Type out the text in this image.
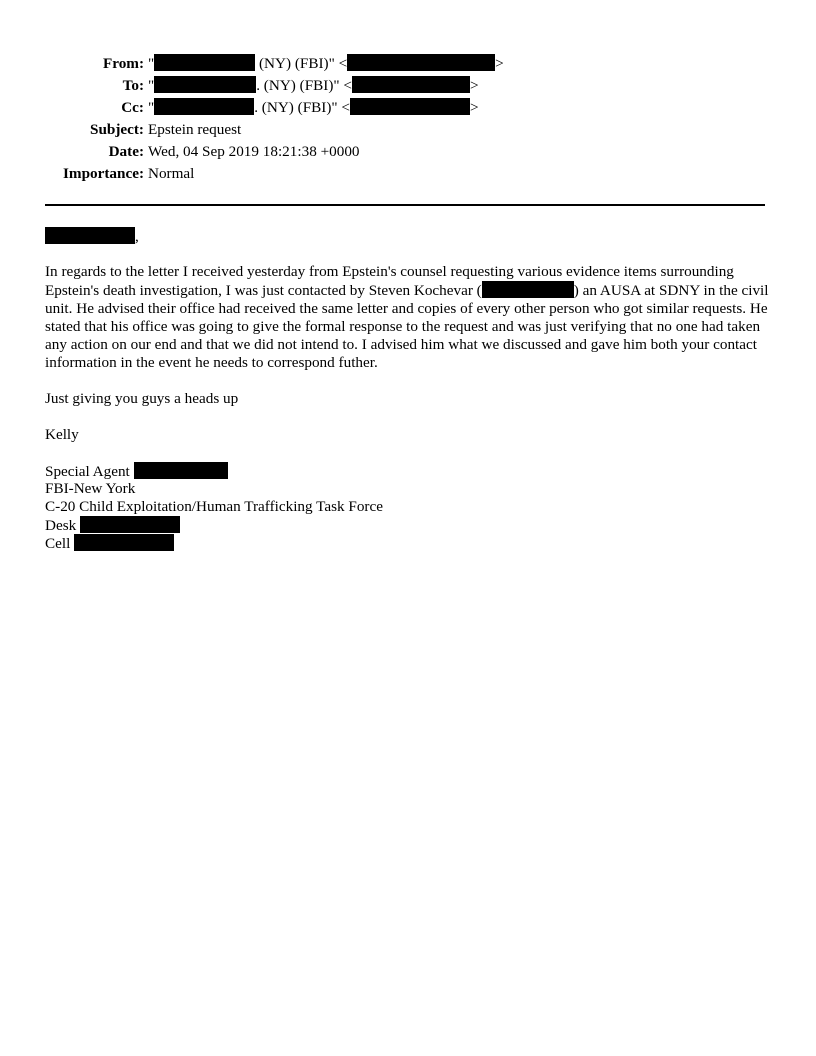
From: "	(NY) (FBI)" <	>
To: "	. (NY) (FBI)" <	>
Cc: "	. (NY) (FBI)" <	>
Subject: Epstein request
Date: Wed, 04 Sep 2019 18:21:38 +0000
Importance: Normal
,

In regards to the letter I received yesterday from Epstein's counsel requesting various evidence items surrounding Epstein's death investigation, I was just contacted by Steven Kochevar (	) an AUSA at SDNY in the civil unit. He advised their office had received the same letter and copies of every other person who got similar requests. He stated that his office was going to give the formal response to the request and was just verifying that no one had taken any action on our end and that we did not intend to. I advised him what we discussed and gave him both your contact information in the event he needs to correspond futher.

Just giving you guys a heads up

Kelly

Special Agent

FBI-New York

C-20 Child Exploitation/Human Trafficking Task Force

Desk

Cell
